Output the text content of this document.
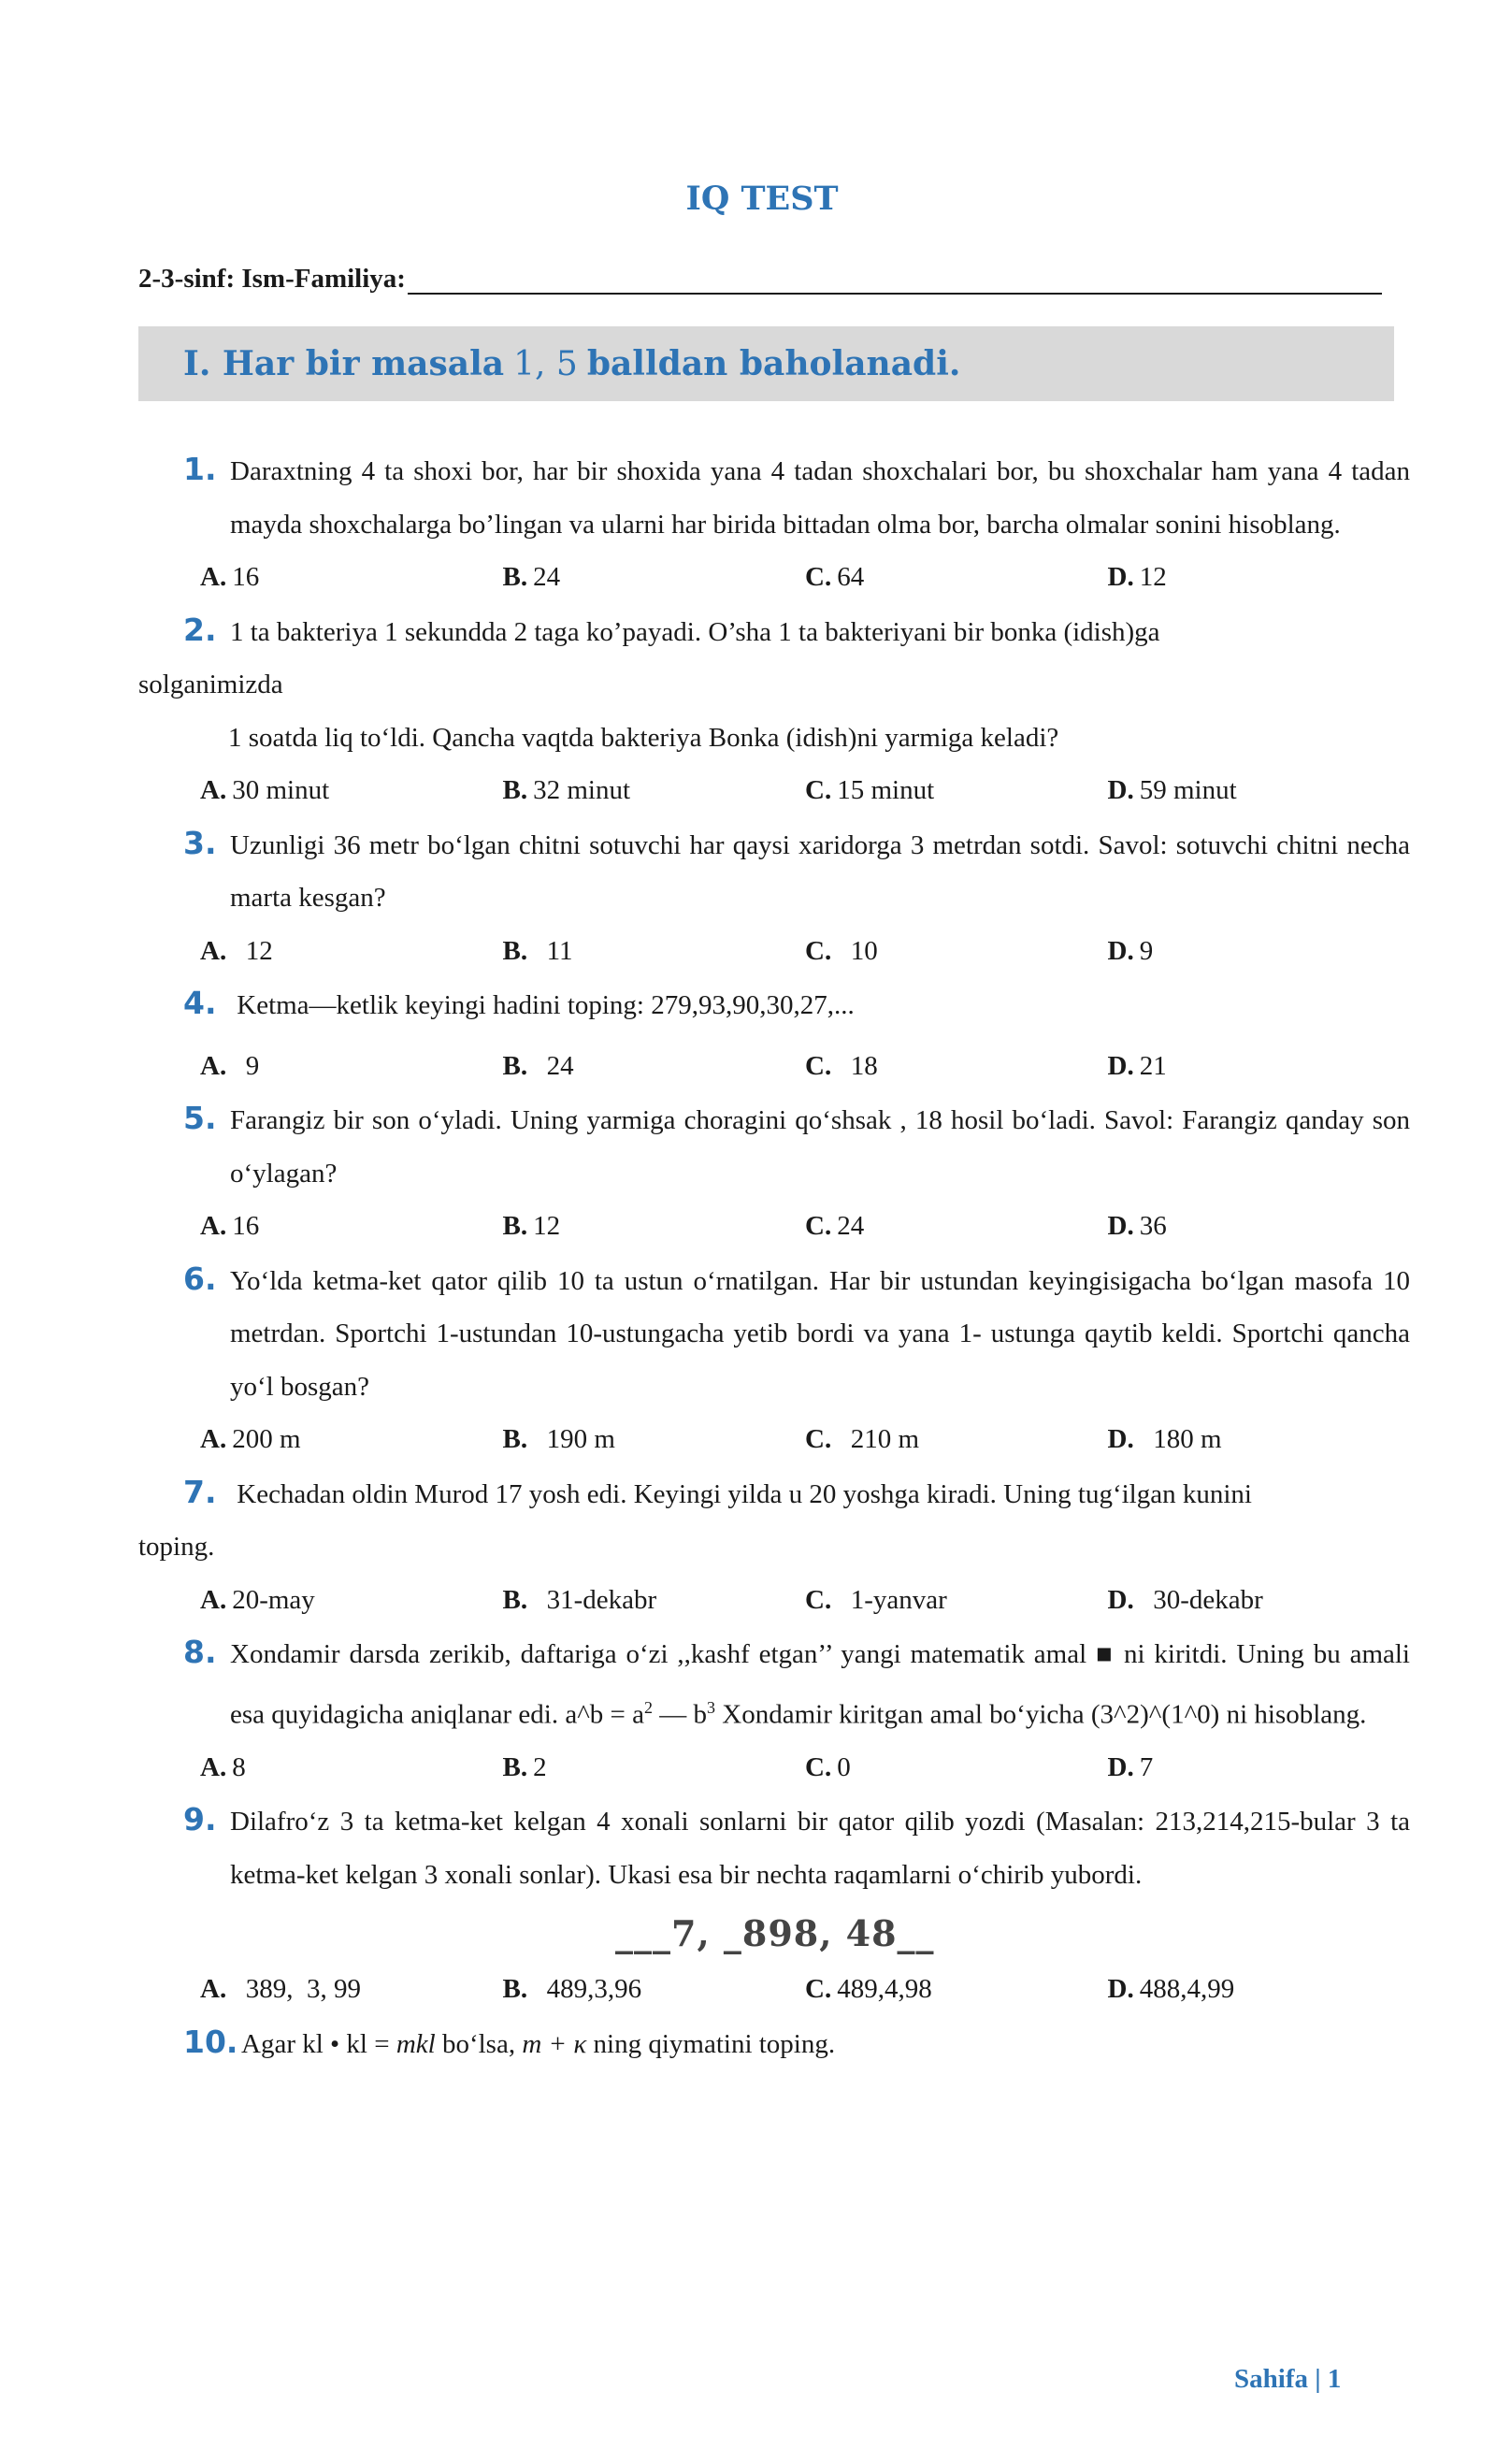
IQ TEST
2-3-sinf: Ism-Familiya:
I. Har bir masala 1, 5 balldan baholanadi.
1. Daraxtning 4 ta shoxi bor, har bir shoxida yana 4 tadan shoxchalari bor, bu shoxchalar ham yana 4 tadan mayda shoxchalarga bo’lingan va ularni har birida bittadan olma bor, barcha olmalar sonini hisoblang.
A. 16	B. 24	C. 64	D. 12
2. 1 ta bakteriya 1 sekundda 2 taga ko’payadi. O’sha 1 ta bakteriyani bir bonka (idish)ga
solganimizda
1 soatda liq to‘ldi. Qancha vaqtda bakteriya Bonka (idish)ni yarmiga keladi?
A. 30 minut	B. 32 minut	C. 15 minut	D. 59 minut
3. Uzunligi 36 metr bo‘lgan chitni sotuvchi har qaysi xaridorga 3 metrdan sotdi. Savol: sotuvchi chitni necha marta kesgan?
A.  12	B.  11	C.  10	D. 9
4. Ketma—ketlik keyingi hadini toping: 279,93,90,30,27,...
A.  9	B.  24	C.  18	D. 21
5. Farangiz bir son o‘yladi. Uning yarmiga choragini qo‘shsak , 18 hosil bo‘ladi. Savol: Farangiz qanday son o‘ylagan?
A. 16	B. 12	C. 24	D. 36
6. Yo‘lda ketma-ket qator qilib 10 ta ustun o‘rnatilgan. Har bir ustundan keyingisigacha bo‘lgan masofa 10 metrdan. Sportchi 1-ustundan 10-ustungacha yetib bordi va yana 1- ustunga qaytib keldi. Sportchi qancha yo‘l bosgan?
A. 200 m	B.  190 m	C.  210 m	D.  180 m
7. Kechadan oldin Murod 17 yosh edi. Keyingi yilda u 20 yoshga kiradi. Uning tug‘ilgan kunini
toping.
A. 20-may	B.  31-dekabr	C.  1-yanvar	D.  30-dekabr
8. Xondamir darsda zerikib, daftariga o‘zi ,,kashf etgan’’ yangi matematik amal ■ ni kiritdi. Uning bu amali esa quyidagicha aniqlanar edi. a^b = $a^2$ — $b^3$ Xondamir kiritgan amal bo‘yicha (3^2)^(1^0) ni hisoblang.
A. 8	B. 2	C. 0	D. 7
9. Dilafro‘z 3 ta ketma-ket kelgan 4 xonali sonlarni bir qator qilib yozdi (Masalan: 213,214,215-bular 3 ta ketma-ket kelgan 3 xonali sonlar). Ukasi esa bir nechta raqamlarni o‘chirib yubordi.
___7, _898, 48__
A.  389,  3, 99	B.  489,3,96	C. 489,4,98	D. 488,4,99
10. Agar kl • kl = mkl bo‘lsa, m + κ ning qiymatini toping.
Sahifa | 1
